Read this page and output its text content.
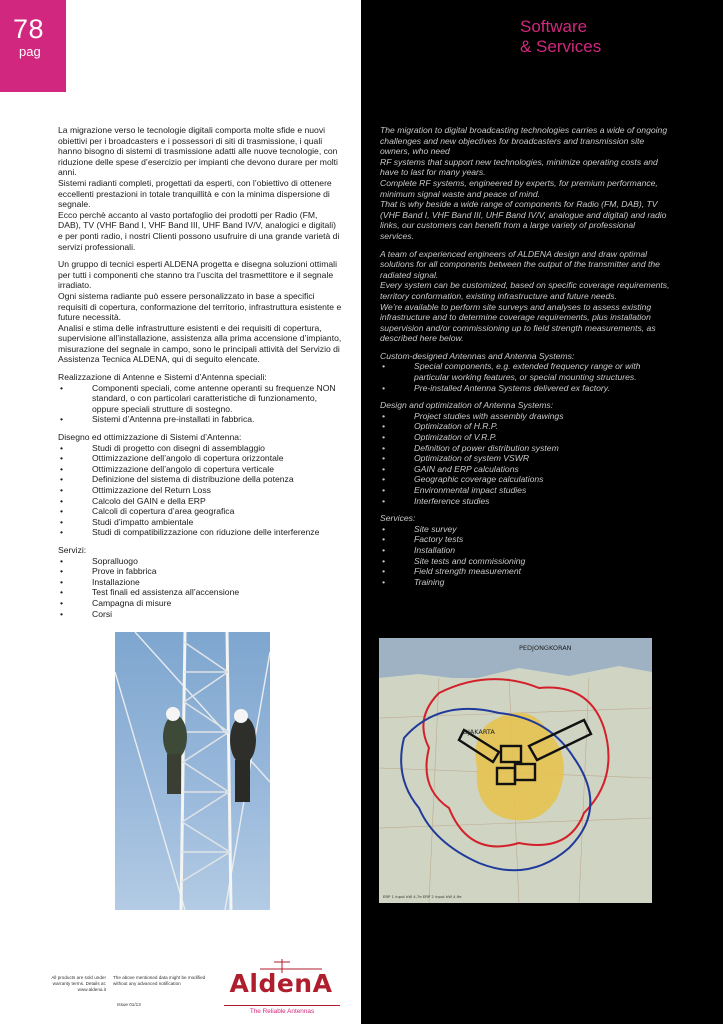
78
pag
Software
& Services

La migrazione verso le tecnologie digitali comporta molte sfide e nuovi obiettivi per i broadcasters e i possessori di siti di trasmissione, i quali hanno bisogno di sistemi di trasmissione adatti alle nuove tecnologie, con riduzione delle spese d’esercizio per impianti che devono durare per molti anni.
Sistemi radianti completi, progettati da esperti, con l’obiettivo di ottenere eccellenti prestazioni in totale tranquillità e con la minima dispersione di segnale.
Ecco perchè accanto al vasto portafoglio dei prodotti per Radio (FM, DAB), TV (VHF Band I, VHF Band III, UHF Band IV/V, analogici e digitali) e per ponti radio, i nostri Clienti possono usufruire di una grande varietà di servizi professionali.

Un gruppo di tecnici esperti ALDENA progetta e disegna soluzioni ottimali per tutti i componenti che stanno tra l’uscita del trasmettitore e il segnale irradiato.
Ogni sistema radiante può essere personalizzato in base a specifici requisiti di copertura, conformazione del territorio, infrastruttura esistente e future necessità.
Analisi e stima delle infrastrutture esistenti e dei requisiti di copertura, supervisione all’installazione, assistenza alla prima accensione d’impianto, misurazione del segnale in campo, sono le principali attività del Servizio di Assistenza Tecnica ALDENA, qui di seguito elencate.

Realizzazione di Antenne e Sistemi d’Antenna speciali:

• Componenti speciali, come antenne operanti su frequenze NON standard, o con particolari caratteristiche di funzionamento, oppure speciali strutture di sostegno.
• Sistemi d’Antenna pre-installati in fabbrica.

Disegno ed ottimizzazione di Sistemi d’Antenna:

• Studi di progetto con disegni di assemblaggio
• Ottimizzazione dell’angolo di copertura orizzontale
• Ottimizzazione dell’angolo di copertura verticale
• Definizione del sistema di distribuzione della potenza
• Ottimizzazione del Return Loss
• Calcolo del GAIN e della ERP
• Calcoli di copertura d’area geografica
• Studi d’impatto ambientale
• Studi di compatibilizzazione con riduzione delle interferenze

Servizi:

• Sopralluogo
• Prove in fabbrica
• Installazione
• Test finali ed assistenza all’accensione
• Campagna di misure
• Corsi

The migration to digital broadcasting technologies carries a wide of ongoing challenges and new objectives for broadcasters and transmission site owners, who need
RF systems that support new technologies, minimize operating costs and have to last for many years.
Complete RF systems, engineered by experts, for premium performance, minimum signal waste and peace of mind.
That is why beside a wide range of components for Radio (FM, DAB), TV (VHF Band I, VHF Band III, UHF Band IV/V, analogue and digital) and radio links, our customers can benefit from a large variety of professional services.

A team of experienced engineers of ALDENA design and draw optimal solutions for all components between the output of the transmitter and the radiated signal.
Every system can be customized, based on specific coverage requirements, territory conformation, existing infrastructure and future needs.
We’re available to perform site surveys and analyses to assess existing infrastructure and to determine coverage requirements, plus installation supervision and/or commissioning up to field strength measurements, as described here below.

Custom-designed Antennas and Antenna Systems:

• Special components, e.g. extended frequency range or with particular working features, or special mounting structures.
• Pre-installed Antenna Systems delivered ex factory.

Design and optimization of Antenna Systems:

• Project studies with assembly drawings
• Optimization of H.R.P.
• Optimization of V.R.P.
• Definition of power distribution system
• Optimization of system VSWR
• GAIN and ERP calculations
• Geographic coverage calculations
• Environmental impact studies
• Interference studies

Services:

• Site survey
• Factory tests
• Installation
• Site tests and commissioning
• Field strength measurement
• Training
PEDJONGKORAN
DJAKARTA
ERP 1 input kW 4.7e ERP 2 input kW 4.9e
All products are sold under warranty terms. Details at: www.aldena.it
The above mentioned data might be modified without any advanced notification
Issue 01/13
AldenA
The Reliable Antennas
